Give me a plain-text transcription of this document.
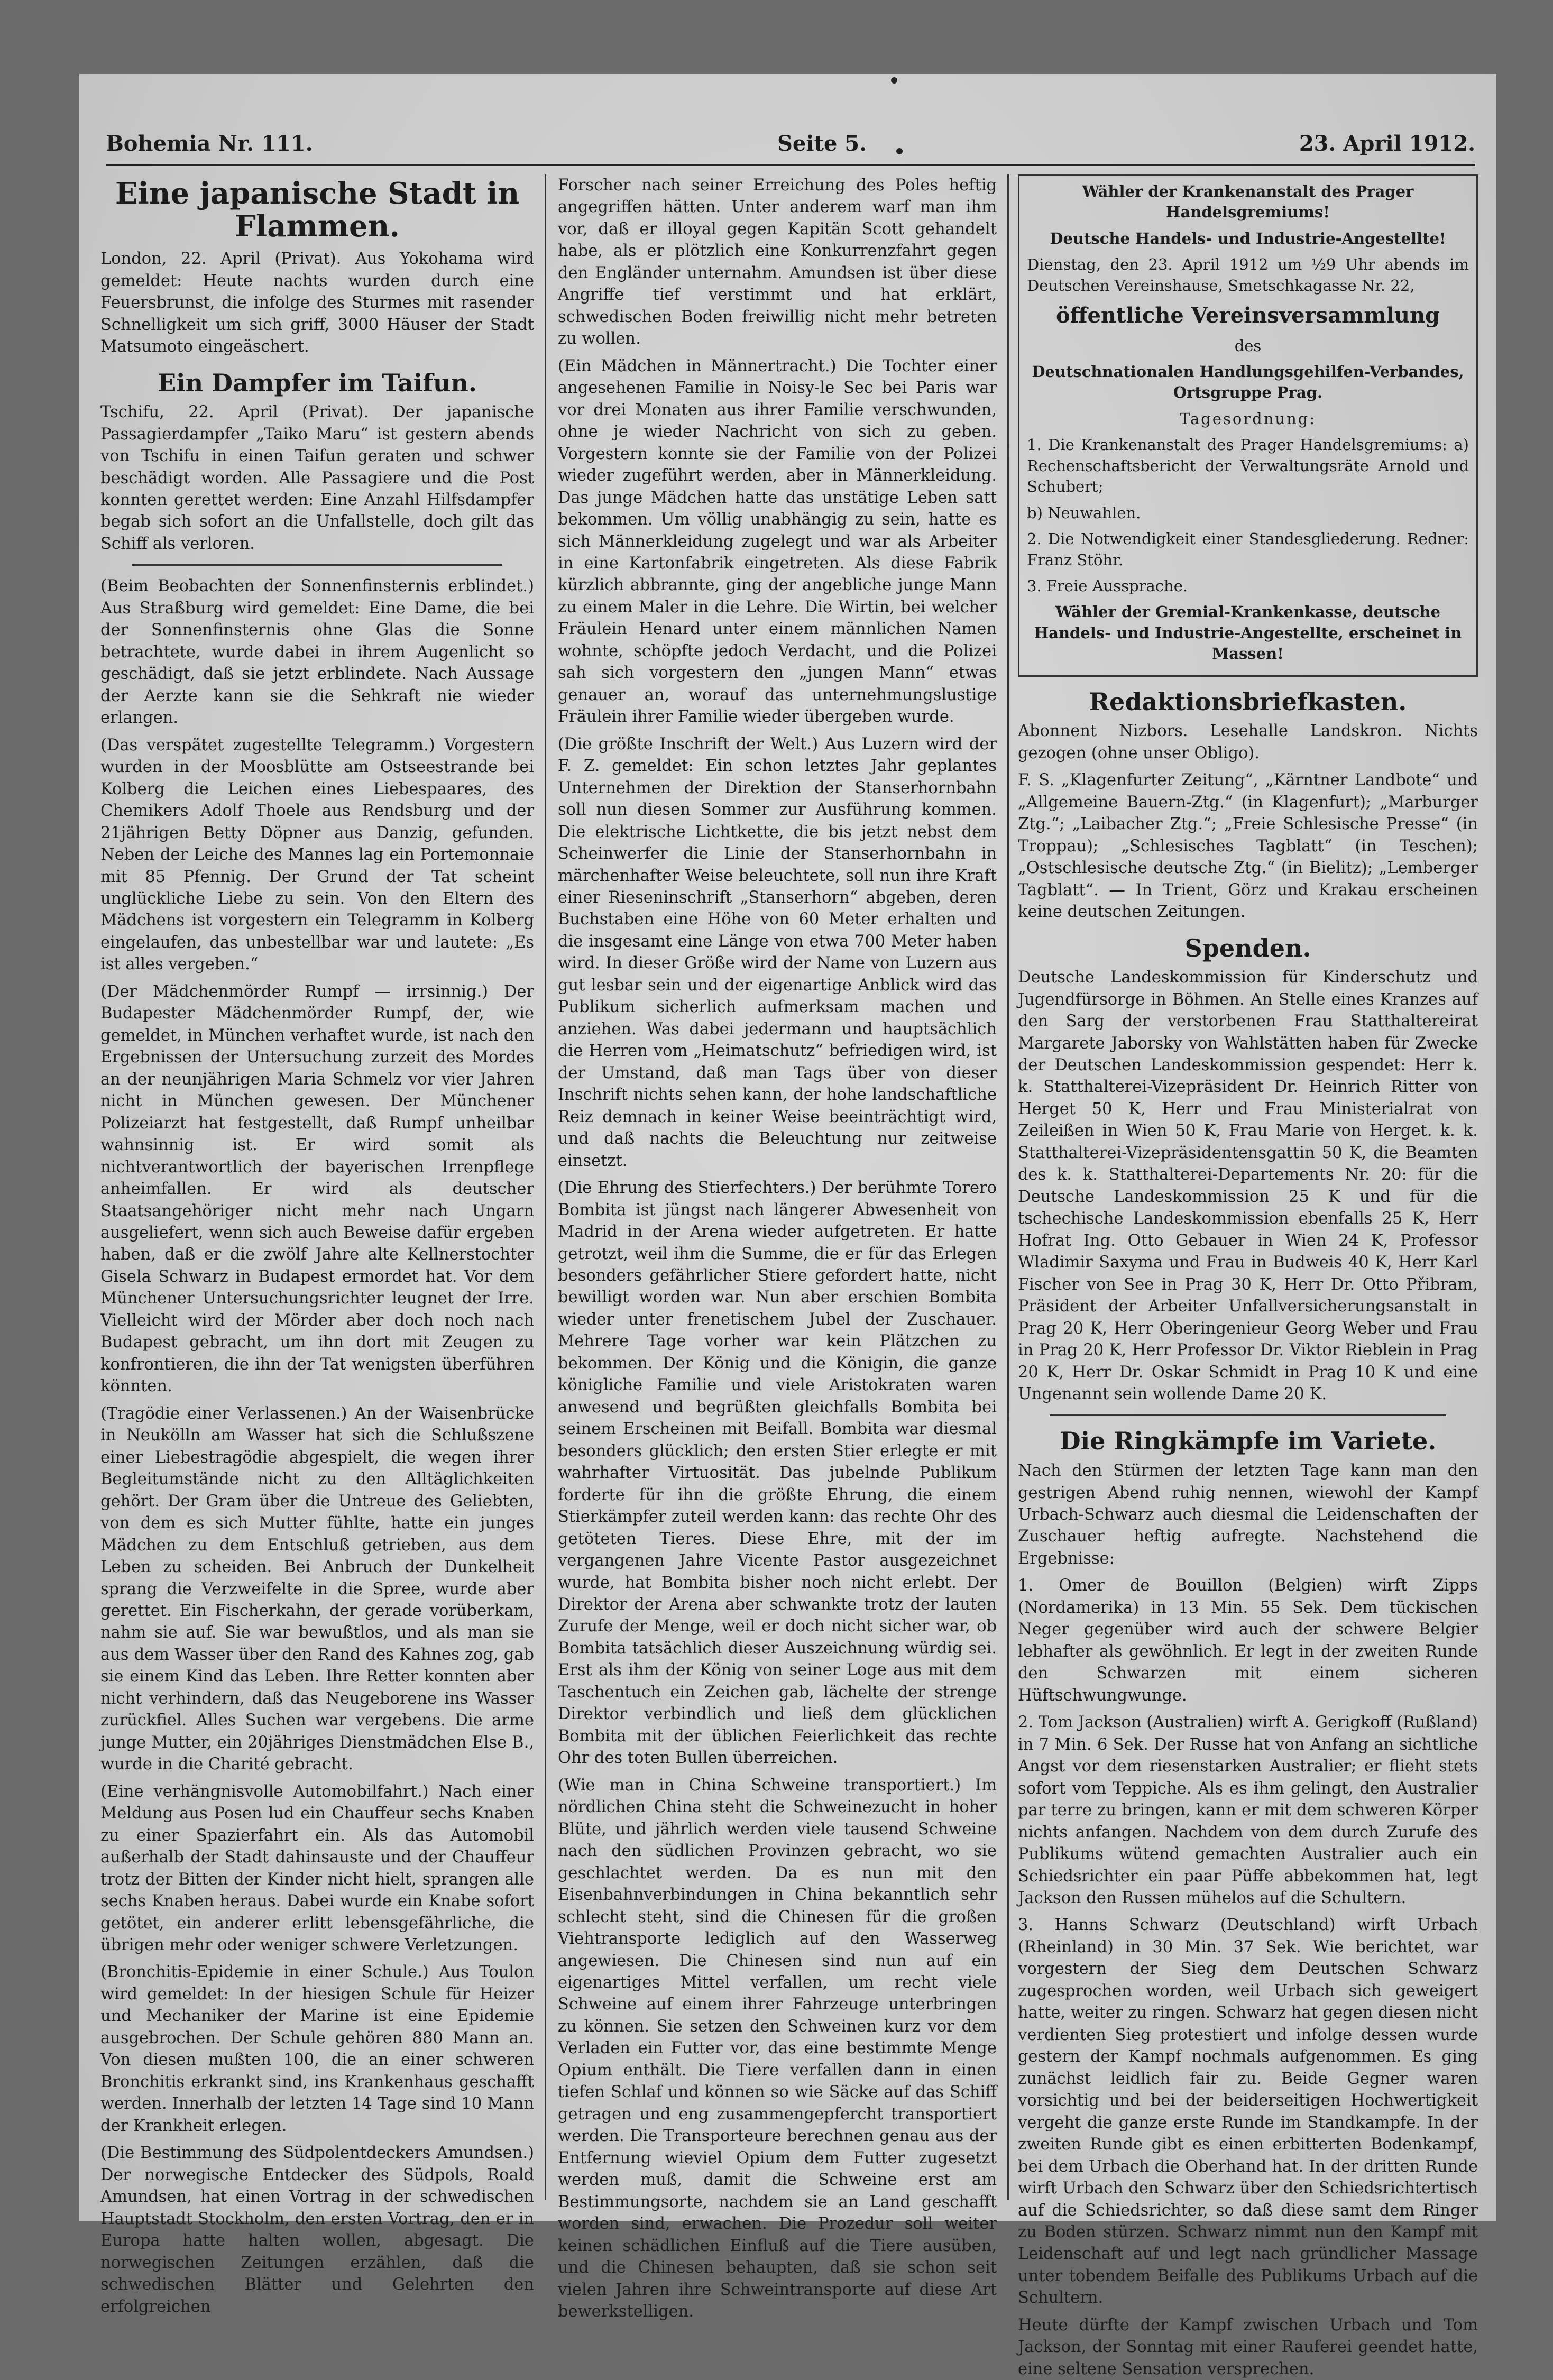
Bohemia Nr. 111.	Seite 5.	23. April 1912.
Eine japanische Stadt in Flammen.

London, 22. April (Privat). Aus Yokohama wird gemeldet: Heute nachts wurden durch eine Feuersbrunst, die infolge des Sturmes mit rasender Schnelligkeit um sich griff, 3000 Häuser der Stadt Matsumoto eingeäschert.

Ein Dampfer im Taifun.

Tschifu, 22. April (Privat). Der japanische Passagierdampfer „Taiko Maru“ ist gestern abends von Tschifu in einen Taifun geraten und schwer beschädigt worden. Alle Passagiere und die Post konnten gerettet werden: Eine Anzahl Hilfsdampfer begab sich sofort an die Unfallstelle, doch gilt das Schiff als verloren.

(Beim Beobachten der Sonnenfinsternis erblindet.) Aus Straßburg wird gemeldet: Eine Dame, die bei der Sonnenfinsternis ohne Glas die Sonne betrachtete, wurde dabei in ihrem Augenlicht so geschädigt, daß sie jetzt erblindete. Nach Aussage der Aerzte kann sie die Sehkraft nie wieder erlangen.

(Das verspätet zugestellte Telegramm.) Vorgestern wurden in der Moosblütte am Ostseestrande bei Kolberg die Leichen eines Liebespaares, des Chemikers Adolf Thoele aus Rendsburg und der 21jährigen Betty Döpner aus Danzig, gefunden. Neben der Leiche des Mannes lag ein Portemonnaie mit 85 Pfennig. Der Grund der Tat scheint unglückliche Liebe zu sein. Von den Eltern des Mädchens ist vorgestern ein Telegramm in Kolberg eingelaufen, das unbestellbar war und lautete: „Es ist alles vergeben.“

(Der Mädchenmörder Rumpf — irrsinnig.) Der Budapester Mädchenmörder Rumpf, der, wie gemeldet, in München verhaftet wurde, ist nach den Ergebnissen der Untersuchung zurzeit des Mordes an der neunjährigen Maria Schmelz vor vier Jahren nicht in München gewesen. Der Münchener Polizeiarzt hat festgestellt, daß Rumpf unheilbar wahnsinnig ist. Er wird somit als nichtverantwortlich der bayerischen Irrenpflege anheimfallen. Er wird als deutscher Staatsangehöriger nicht mehr nach Ungarn ausgeliefert, wenn sich auch Beweise dafür ergeben haben, daß er die zwölf Jahre alte Kellnerstochter Gisela Schwarz in Budapest ermordet hat. Vor dem Münchener Untersuchungsrichter leugnet der Irre. Vielleicht wird der Mörder aber doch noch nach Budapest gebracht, um ihn dort mit Zeugen zu konfrontieren, die ihn der Tat wenigsten überführen könnten.

(Tragödie einer Verlassenen.) An der Waisenbrücke in Neukölln am Wasser hat sich die Schlußszene einer Liebestragödie abgespielt, die wegen ihrer Begleitumstände nicht zu den Alltäglichkeiten gehört. Der Gram über die Untreue des Geliebten, von dem es sich Mutter fühlte, hatte ein junges Mädchen zu dem Entschluß getrieben, aus dem Leben zu scheiden. Bei Anbruch der Dunkelheit sprang die Verzweifelte in die Spree, wurde aber gerettet. Ein Fischerkahn, der gerade vorüberkam, nahm sie auf. Sie war bewußtlos, und als man sie aus dem Wasser über den Rand des Kahnes zog, gab sie einem Kind das Leben. Ihre Retter konnten aber nicht verhindern, daß das Neugeborene ins Wasser zurückfiel. Alles Suchen war vergebens. Die arme junge Mutter, ein 20jähriges Dienstmädchen Else B., wurde in die Charité gebracht.

(Eine verhängnisvolle Automobilfahrt.) Nach einer Meldung aus Posen lud ein Chauffeur sechs Knaben zu einer Spazierfahrt ein. Als das Automobil außerhalb der Stadt dahinsauste und der Chauffeur trotz der Bitten der Kinder nicht hielt, sprangen alle sechs Knaben heraus. Dabei wurde ein Knabe sofort getötet, ein anderer erlitt lebensgefährliche, die übrigen mehr oder weniger schwere Verletzungen.

(Bronchitis-Epidemie in einer Schule.) Aus Toulon wird gemeldet: In der hiesigen Schule für Heizer und Mechaniker der Marine ist eine Epidemie ausgebrochen. Der Schule gehören 880 Mann an. Von diesen mußten 100, die an einer schweren Bronchitis erkrankt sind, ins Krankenhaus geschafft werden. Innerhalb der letzten 14 Tage sind 10 Mann der Krankheit erlegen.

(Die Bestimmung des Südpolentdeckers Amundsen.) Der norwegische Entdecker des Südpols, Roald Amundsen, hat einen Vortrag in der schwedischen Hauptstadt Stockholm, den ersten Vortrag, den er in Europa hatte halten wollen, abgesagt. Die norwegischen Zeitungen erzählen, daß die schwedischen Blätter und Gelehrten den erfolgreichen

Forscher nach seiner Erreichung des Poles heftig angegriffen hätten. Unter anderem warf man ihm vor, daß er illoyal gegen Kapitän Scott gehandelt habe, als er plötzlich eine Konkurrenzfahrt gegen den Engländer unternahm. Amundsen ist über diese Angriffe tief verstimmt und hat erklärt, schwedischen Boden freiwillig nicht mehr betreten zu wollen.

(Ein Mädchen in Männertracht.) Die Tochter einer angesehenen Familie in Noisy-le Sec bei Paris war vor drei Monaten aus ihrer Familie verschwunden, ohne je wieder Nachricht von sich zu geben. Vorgestern konnte sie der Familie von der Polizei wieder zugeführt werden, aber in Männerkleidung. Das junge Mädchen hatte das unstätige Leben satt bekommen. Um völlig unabhängig zu sein, hatte es sich Männerkleidung zugelegt und war als Arbeiter in eine Kartonfabrik eingetreten. Als diese Fabrik kürzlich abbrannte, ging der angebliche junge Mann zu einem Maler in die Lehre. Die Wirtin, bei welcher Fräulein Henard unter einem männlichen Namen wohnte, schöpfte jedoch Verdacht, und die Polizei sah sich vorgestern den „jungen Mann“ etwas genauer an, worauf das unternehmungslustige Fräulein ihrer Familie wieder übergeben wurde.

(Die größte Inschrift der Welt.) Aus Luzern wird der F. Z. gemeldet: Ein schon letztes Jahr geplantes Unternehmen der Direktion der Stanserhornbahn soll nun diesen Sommer zur Ausführung kommen. Die elektrische Lichtkette, die bis jetzt nebst dem Scheinwerfer die Linie der Stanserhornbahn in märchenhafter Weise beleuchtete, soll nun ihre Kraft einer Rieseninschrift „Stanserhorn“ abgeben, deren Buchstaben eine Höhe von 60 Meter erhalten und die insgesamt eine Länge von etwa 700 Meter haben wird. In dieser Größe wird der Name von Luzern aus gut lesbar sein und der eigenartige Anblick wird das Publikum sicherlich aufmerksam machen und anziehen. Was dabei jedermann und hauptsächlich die Herren vom „Heimatschutz“ befriedigen wird, ist der Umstand, daß man Tags über von dieser Inschrift nichts sehen kann, der hohe landschaftliche Reiz demnach in keiner Weise beeinträchtigt wird, und daß nachts die Beleuchtung nur zeitweise einsetzt.

(Die Ehrung des Stierfechters.) Der berühmte Torero Bombita ist jüngst nach längerer Abwesenheit von Madrid in der Arena wieder aufgetreten. Er hatte getrotzt, weil ihm die Summe, die er für das Erlegen besonders gefährlicher Stiere gefordert hatte, nicht bewilligt worden war. Nun aber erschien Bombita wieder unter frenetischem Jubel der Zuschauer. Mehrere Tage vorher war kein Plätzchen zu bekommen. Der König und die Königin, die ganze königliche Familie und viele Aristokraten waren anwesend und begrüßten gleichfalls Bombita bei seinem Erscheinen mit Beifall. Bombita war diesmal besonders glücklich; den ersten Stier erlegte er mit wahrhafter Virtuosität. Das jubelnde Publikum forderte für ihn die größte Ehrung, die einem Stierkämpfer zuteil werden kann: das rechte Ohr des getöteten Tieres. Diese Ehre, mit der im vergangenen Jahre Vicente Pastor ausgezeichnet wurde, hat Bombita bisher noch nicht erlebt. Der Direktor der Arena aber schwankte trotz der lauten Zurufe der Menge, weil er doch nicht sicher war, ob Bombita tatsächlich dieser Auszeichnung würdig sei. Erst als ihm der König von seiner Loge aus mit dem Taschentuch ein Zeichen gab, lächelte der strenge Direktor verbindlich und ließ dem glücklichen Bombita mit der üblichen Feierlichkeit das rechte Ohr des toten Bullen überreichen.

(Wie man in China Schweine transportiert.) Im nördlichen China steht die Schweinezucht in hoher Blüte, und jährlich werden viele tausend Schweine nach den südlichen Provinzen gebracht, wo sie geschlachtet werden. Da es nun mit den Eisenbahnverbindungen in China bekanntlich sehr schlecht steht, sind die Chinesen für die großen Viehtransporte lediglich auf den Wasserweg angewiesen. Die Chinesen sind nun auf ein eigenartiges Mittel verfallen, um recht viele Schweine auf einem ihrer Fahrzeuge unterbringen zu können. Sie setzen den Schweinen kurz vor dem Verladen ein Futter vor, das eine bestimmte Menge Opium enthält. Die Tiere verfallen dann in einen tiefen Schlaf und können so wie Säcke auf das Schiff getragen und eng zusammengepfercht transportiert werden. Die Transporteure berechnen genau aus der Entfernung wieviel Opium dem Futter zugesetzt werden muß, damit die Schweine erst am Bestimmungsorte, nachdem sie an Land geschafft worden sind, erwachen. Die Prozedur soll weiter keinen schädlichen Einfluß auf die Tiere ausüben, und die Chinesen behaupten, daß sie schon seit vielen Jahren ihre Schweintransporte auf diese Art bewerkstelligen.

Wähler der Krankenanstalt des Prager Handelsgremiums!

Deutsche Handels- und Industrie-Angestellte!

Dienstag, den 23. April 1912 um ½9 Uhr abends im Deutschen Vereinshause, Smetschkagasse Nr. 22,

öffentliche Vereinsversammlung

des

Deutschnationalen Handlungsgehilfen-Verbandes, Ortsgruppe Prag.

Tagesordnung:

1. Die Krankenanstalt des Prager Handelsgremiums: a) Rechenschaftsbericht der Verwaltungsräte Arnold und Schubert;

b) Neuwahlen.

2. Die Notwendigkeit einer Standesgliederung. Redner: Franz Stöhr.

3. Freie Aussprache.

Wähler der Gremial-Krankenkasse, deutsche Handels- und Industrie-Angestellte, erscheinet in Massen!

Redaktionsbriefkasten.

Abonnent Nizbors. Lesehalle Landskron. Nichts gezogen (ohne unser Obligo).

F. S. „Klagenfurter Zeitung“, „Kärntner Landbote“ und „Allgemeine Bauern-Ztg.“ (in Klagenfurt); „Marburger Ztg.“; „Laibacher Ztg.“; „Freie Schlesische Presse“ (in Troppau); „Schlesisches Tagblatt“ (in Teschen); „Ostschlesische deutsche Ztg.“ (in Bielitz); „Lemberger Tagblatt“. — In Trient, Görz und Krakau erscheinen keine deutschen Zeitungen.

Spenden.

Deutsche Landeskommission für Kinderschutz und Jugendfürsorge in Böhmen. An Stelle eines Kranzes auf den Sarg der verstorbenen Frau Statthaltereirat Margarete Jaborsky von Wahlstätten haben für Zwecke der Deutschen Landeskommission gespendet: Herr k. k. Statthalterei-Vizepräsident Dr. Heinrich Ritter von Herget 50 K, Herr und Frau Ministerialrat von Zeileißen in Wien 50 K, Frau Marie von Herget. k. k. Statthalterei-Vizepräsidentensgattin 50 K, die Beamten des k. k. Statthalterei-Departements Nr. 20: für die Deutsche Landeskommission 25 K und für die tschechische Landeskommission ebenfalls 25 K, Herr Hofrat Ing. Otto Gebauer in Wien 24 K, Professor Wladimir Saxyma und Frau in Budweis 40 K, Herr Karl Fischer von See in Prag 30 K, Herr Dr. Otto Přibram, Präsident der Arbeiter Unfallversicherungsanstalt in Prag 20 K, Herr Oberingenieur Georg Weber und Frau in Prag 20 K, Herr Professor Dr. Viktor Rieblein in Prag 20 K, Herr Dr. Oskar Schmidt in Prag 10 K und eine Ungenannt sein wollende Dame 20 K.

Die Ringkämpfe im Variete.

Nach den Stürmen der letzten Tage kann man den gestrigen Abend ruhig nennen, wiewohl der Kampf Urbach-Schwarz auch diesmal die Leidenschaften der Zuschauer heftig aufregte. Nachstehend die Ergebnisse:

1. Omer de Bouillon (Belgien) wirft Zipps (Nordamerika) in 13 Min. 55 Sek. Dem tückischen Neger gegenüber wird auch der schwere Belgier lebhafter als gewöhnlich. Er legt in der zweiten Runde den Schwarzen mit einem sicheren Hüftschwungwunge.

2. Tom Jackson (Australien) wirft A. Gerigkoff (Rußland) in 7 Min. 6 Sek. Der Russe hat von Anfang an sichtliche Angst vor dem riesenstarken Australier; er flieht stets sofort vom Teppiche. Als es ihm gelingt, den Australier par terre zu bringen, kann er mit dem schweren Körper nichts anfangen. Nachdem von dem durch Zurufe des Publikums wütend gemachten Australier auch ein Schiedsrichter ein paar Püffe abbekommen hat, legt Jackson den Russen mühelos auf die Schultern.

3. Hanns Schwarz (Deutschland) wirft Urbach (Rheinland) in 30 Min. 37 Sek. Wie berichtet, war vorgestern der Sieg dem Deutschen Schwarz zugesprochen worden, weil Urbach sich geweigert hatte, weiter zu ringen. Schwarz hat gegen diesen nicht verdienten Sieg protestiert und infolge dessen wurde gestern der Kampf nochmals aufgenommen. Es ging zunächst leidlich fair zu. Beide Gegner waren vorsichtig und bei der beiderseitigen Hochwertigkeit vergeht die ganze erste Runde im Standkampfe. In der zweiten Runde gibt es einen erbitterten Bodenkampf, bei dem Urbach die Oberhand hat. In der dritten Runde wirft Urbach den Schwarz über den Schiedsrichtertisch auf die Schiedsrichter, so daß diese samt dem Ringer zu Boden stürzen. Schwarz nimmt nun den Kampf mit Leidenschaft auf und legt nach gründlicher Massage unter tobendem Beifalle des Publikums Urbach auf die Schultern.

Heute dürfte der Kampf zwischen Urbach und Tom Jackson, der Sonntag mit einer Rauferei geendet hatte, eine seltene Sensation versprechen.
